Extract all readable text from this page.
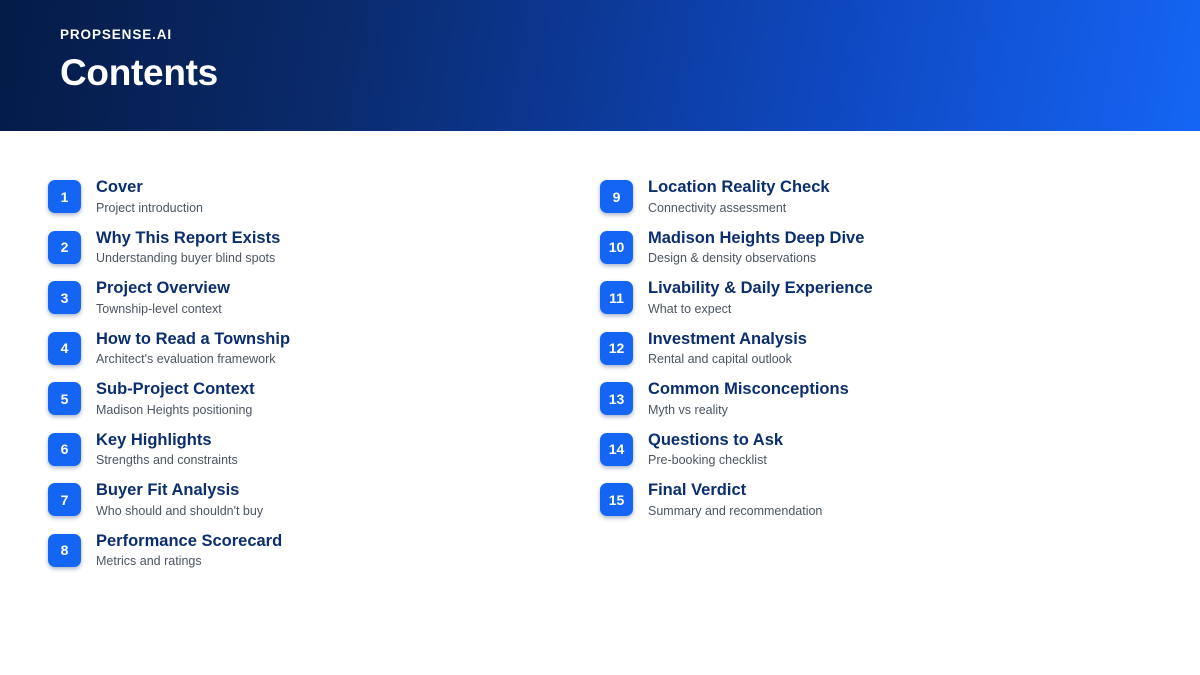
PROPSENSE.AI
Contents
1
Cover
Project introduction
2
Why This Report Exists
Understanding buyer blind spots
3
Project Overview
Township-level context
4
How to Read a Township
Architect's evaluation framework
5
Sub-Project Context
Madison Heights positioning
6
Key Highlights
Strengths and constraints
7
Buyer Fit Analysis
Who should and shouldn't buy
8
Performance Scorecard
Metrics and ratings
9
Location Reality Check
Connectivity assessment
10
Madison Heights Deep Dive
Design & density observations
11
Livability & Daily Experience
What to expect
12
Investment Analysis
Rental and capital outlook
13
Common Misconceptions
Myth vs reality
14
Questions to Ask
Pre-booking checklist
15
Final Verdict
Summary and recommendation
